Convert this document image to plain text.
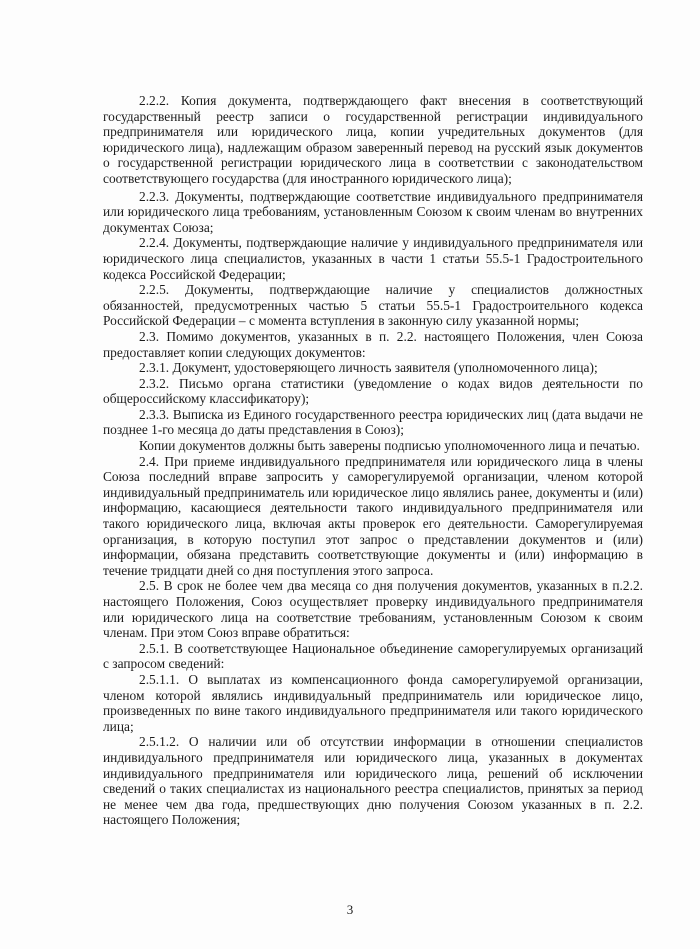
2.2.2. Копия документа, подтверждающего факт внесения в соответствующий государственный реестр записи о государственной регистрации индивидуального предпринимателя или юридического лица, копии учредительных документов (для юридического лица), надлежащим образом заверенный перевод на русский язык документов о государственной регистрации юридического лица в соответствии с законодательством соответствующего государства (для иностранного юридического лица);

2.2.3. Документы, подтверждающие соответствие индивидуального предпринимателя или юридического лица требованиям, установленным Союзом к своим членам во внутренних документах Союза;

2.2.4. Документы, подтверждающие наличие у индивидуального предпринимателя или юридического лица специалистов, указанных в части 1 статьи 55.5-1 Градостроительного кодекса Российской Федерации;

2.2.5. Документы, подтверждающие наличие у специалистов должностных обязанностей, предусмотренных частью 5 статьи 55.5-1 Градостроительного кодекса Российской Федерации – с момента вступления в законную силу указанной нормы;

2.3. Помимо документов, указанных в п. 2.2. настоящего Положения, член Союза предоставляет копии следующих документов:

2.3.1. Документ, удостоверяющего личность заявителя (уполномоченного лица);

2.3.2. Письмо органа статистики (уведомление о кодах видов деятельности по общероссийскому классификатору);

2.3.3. Выписка из Единого государственного реестра юридических лиц (дата выдачи не позднее 1-го месяца до даты представления в Союз);

Копии документов должны быть заверены подписью уполномоченного лица и печатью.

2.4. При приеме индивидуального предпринимателя или юридического лица в члены Союза последний вправе запросить у саморегулируемой организации, членом которой индивидуальный предприниматель или юридическое лицо являлись ранее, документы и (или) информацию, касающиеся деятельности такого индивидуального предпринимателя или такого юридического лица, включая акты проверок его деятельности. Саморегулируемая организация, в которую поступил этот запрос о представлении документов и (или) информации, обязана представить соответствующие документы и (или) информацию в течение тридцати дней со дня поступления этого запроса.

2.5. В срок не более чем два месяца со дня получения документов, указанных в п.2.2. настоящего Положения, Союз осуществляет проверку индивидуального предпринимателя или юридического лица на соответствие требованиям, установленным Союзом к своим членам. При этом Союз вправе обратиться:

2.5.1. В соответствующее Национальное объединение саморегулируемых организаций с запросом сведений:

2.5.1.1. О выплатах из компенсационного фонда саморегулируемой организации, членом которой являлись индивидуальный предприниматель или юридическое лицо, произведенных по вине такого индивидуального предпринимателя или такого юридического лица;

2.5.1.2. О наличии или об отсутствии информации в отношении специалистов индивидуального предпринимателя или юридического лица, указанных в документах индивидуального предпринимателя или юридического лица, решений об исключении сведений о таких специалистах из национального реестра специалистов, принятых за период не менее чем два года, предшествующих дню получения Союзом указанных в п. 2.2. настоящего Положения;

3
